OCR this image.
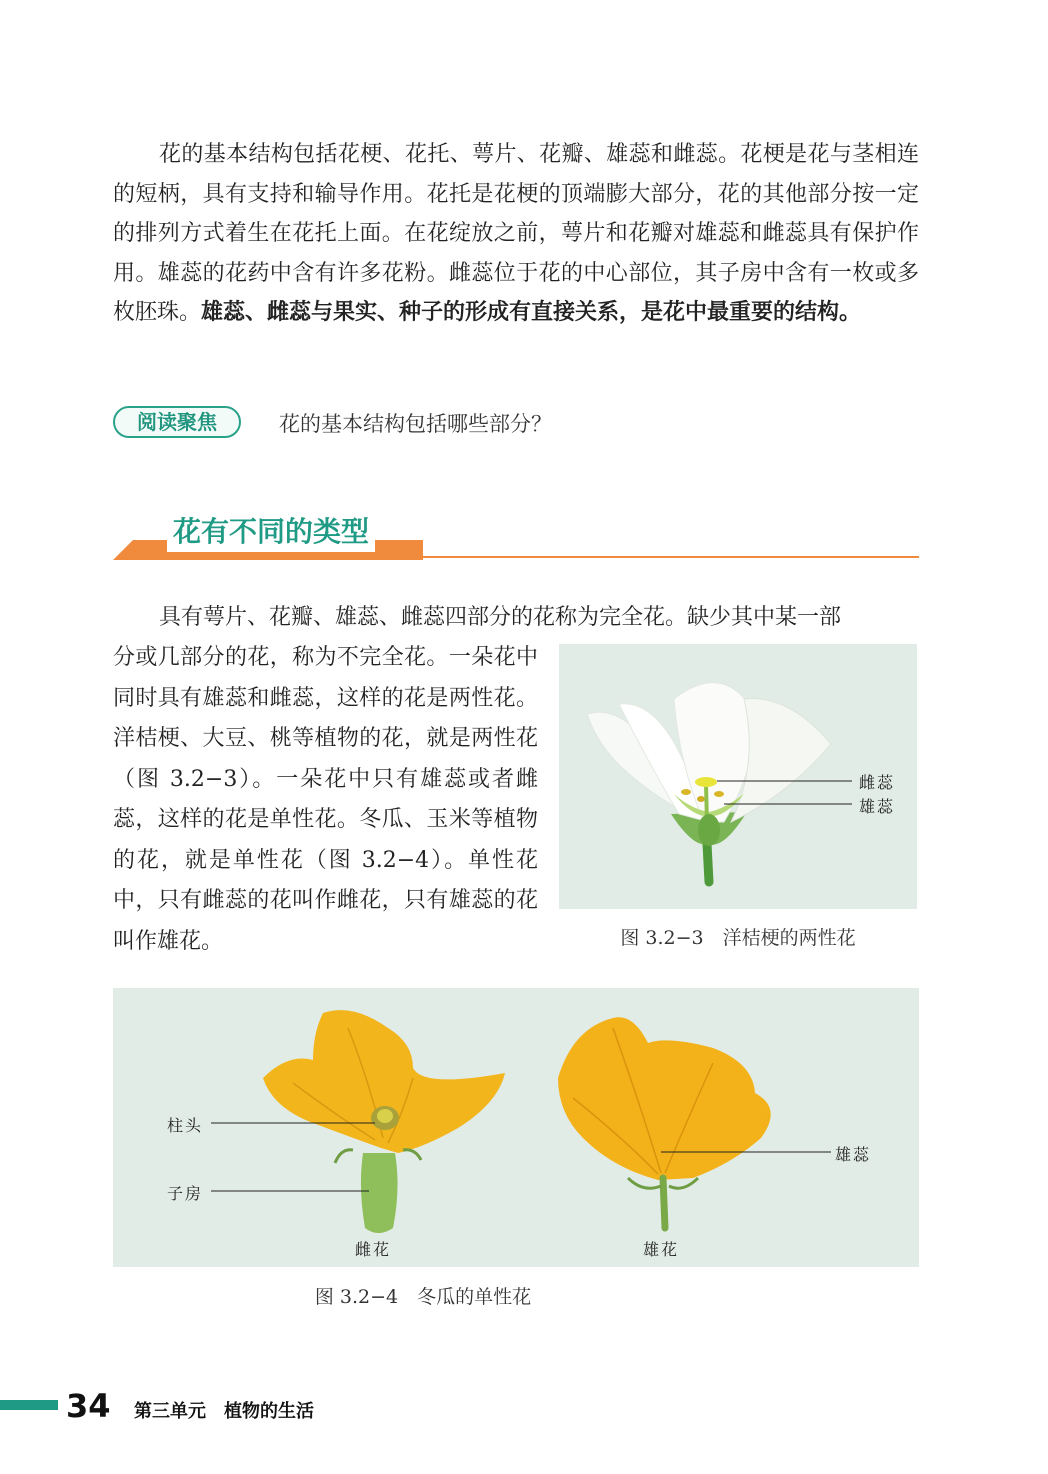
花的基本结构包括花梗、花托、萼片、花瓣、雄蕊和雌蕊。花梗是花与茎相连的短柄，具有支持和输导作用。花托是花梗的顶端膨大部分，花的其他部分按一定的排列方式着生在花托上面。在花绽放之前，萼片和花瓣对雄蕊和雌蕊具有保护作用。雄蕊的花药中含有许多花粉。雌蕊位于花的中心部位，其子房中含有一枚或多枚胚珠。雄蕊、雌蕊与果实、种子的形成有直接关系，是花中最重要的结构。

阅读聚焦	花的基本结构包括哪些部分？
花有不同的类型

具有萼片、花瓣、雄蕊、雌蕊四部分的花称为完全花。缺少其中某一部

分或几部分的花，称为不完全花。一朵花中同时具有雄蕊和雌蕊，这样的花是两性花。洋桔梗、大豆、桃等植物的花，就是两性花（图 3.2−3）。一朵花中只有雄蕊或者雌蕊，这样的花是单性花。冬瓜、玉米等植物的花，就是单性花（图 3.2−4）。单性花中，只有雌蕊的花叫作雌花，只有雄蕊的花叫作雄花。

雌蕊
雄蕊
图 3.2−3　洋桔梗的两性花
柱头
子房
雌花	雄花
雄蕊
图 3.2−4　冬瓜的单性花
34 第三单元　植物的生活
